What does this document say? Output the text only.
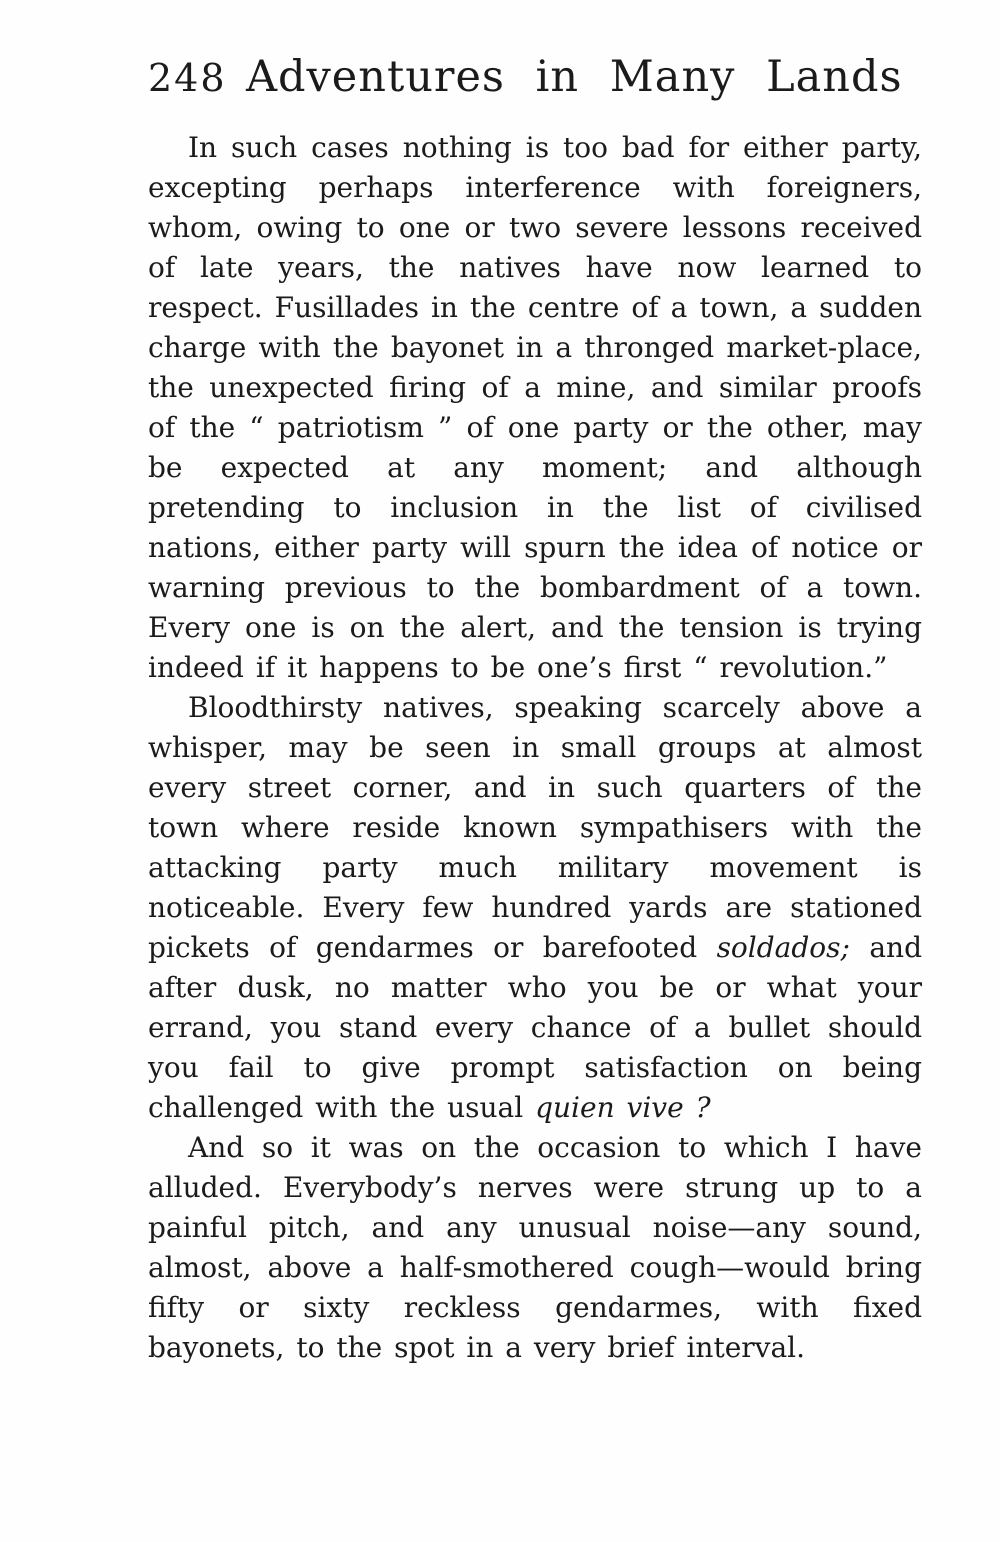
248 Adventures in Many Lands

In such cases nothing is too bad for either party, excepting perhaps interference with foreigners, whom, owing to one or two severe lessons received of late years, the natives have now learned to respect. Fusillades in the centre of a town, a sudden charge with the bayonet in a thronged market-place, the unexpected firing of a mine, and similar proofs of the “ patriotism ” of one party or the other, may be expected at any moment; and although pretending to inclusion in the list of civilised nations, either party will spurn the idea of notice or warning previous to the bombardment of a town. Every one is on the alert, and the tension is trying indeed if it happens to be one’s first “ revolution.”

Bloodthirsty natives, speaking scarcely above a whisper, may be seen in small groups at almost every street corner, and in such quarters of the town where reside known sympathisers with the attacking party much military movement is noticeable. Every few hundred yards are stationed pickets of gendarmes or barefooted soldados; and after dusk, no matter who you be or what your errand, you stand every chance of a bullet should you fail to give prompt satisfaction on being challenged with the usual quien vive ?

And so it was on the occasion to which I have alluded. Everybody’s nerves were strung up to a painful pitch, and any unusual noise—any sound, almost, above a half-smothered cough—would bring fifty or sixty reckless gendarmes, with fixed bayonets, to the spot in a very brief interval.
